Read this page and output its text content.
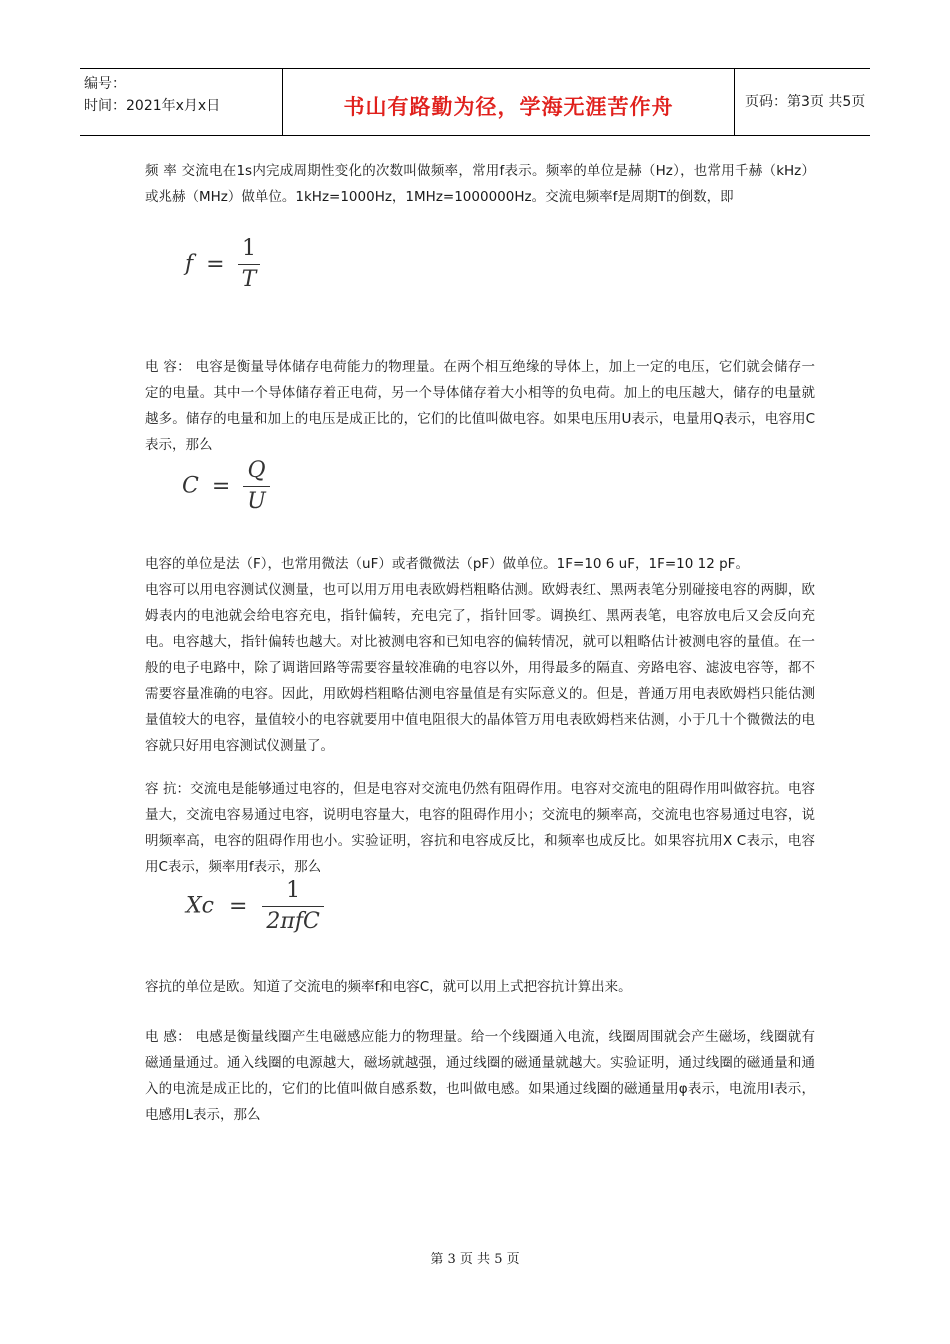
编号：
时间：2021年x月x日	书山有路勤为径，学海无涯苦作舟	页码：第3页 共5页

频 率 交流电在1s内完成周期性变化的次数叫做频率，常用f表示。频率的单位是赫（Hz），也常用千赫（kHz）或兆赫（MHz）做单位。1kHz=1000Hz，1MHz=1000000Hz。交流电频率f是周期T的倒数，即

$f = \frac{1}{T}$

电 容： 电容是衡量导体储存电荷能力的物理量。在两个相互绝缘的导体上，加上一定的电压，它们就会储存一定的电量。其中一个导体储存着正电荷，另一个导体储存着大小相等的负电荷。加上的电压越大，储存的电量就越多。储存的电量和加上的电压是成正比的，它们的比值叫做电容。如果电压用U表示，电量用Q表示，电容用C表示，那么

$C = \frac{Q}{U}$

电容的单位是法（F），也常用微法（uF）或者微微法（pF）做单位。1F=10 6 uF，1F=10 12 pF。

电容可以用电容测试仪测量，也可以用万用电表欧姆档粗略估测。欧姆表红、黑两表笔分别碰接电容的两脚，欧姆表内的电池就会给电容充电，指针偏转，充电完了，指针回零。调换红、黑两表笔，电容放电后又会反向充电。电容越大，指针偏转也越大。对比被测电容和已知电容的偏转情况，就可以粗略估计被测电容的量值。在一般的电子电路中，除了调谐回路等需要容量较准确的电容以外，用得最多的隔直、旁路电容、滤波电容等，都不需要容量准确的电容。因此，用欧姆档粗略估测电容量值是有实际意义的。但是，普通万用电表欧姆档只能估测量值较大的电容，量值较小的电容就要用中值电阻很大的晶体管万用电表欧姆档来估测，小于几十个微微法的电容就只好用电容测试仪测量了。

容 抗：交流电是能够通过电容的，但是电容对交流电仍然有阻碍作用。电容对交流电的阻碍作用叫做容抗。电容量大，交流电容易通过电容，说明电容量大，电容的阻碍作用小；交流电的频率高，交流电也容易通过电容，说明频率高，电容的阻碍作用也小。实验证明，容抗和电容成反比，和频率也成反比。如果容抗用X C表示，电容用C表示，频率用f表示，那么

$Xc = \frac{1}{\text{2πfC}}$

容抗的单位是欧。知道了交流电的频率f和电容C，就可以用上式把容抗计算出来。

电 感： 电感是衡量线圈产生电磁感应能力的物理量。给一个线圈通入电流，线圈周围就会产生磁场，线圈就有磁通量通过。通入线圈的电源越大，磁场就越强，通过线圈的磁通量就越大。实验证明，通过线圈的磁通量和通入的电流是成正比的，它们的比值叫做自感系数，也叫做电感。如果通过线圈的磁通量用φ表示，电流用I表示，电感用L表示，那么

第 3 页 共 5 页
